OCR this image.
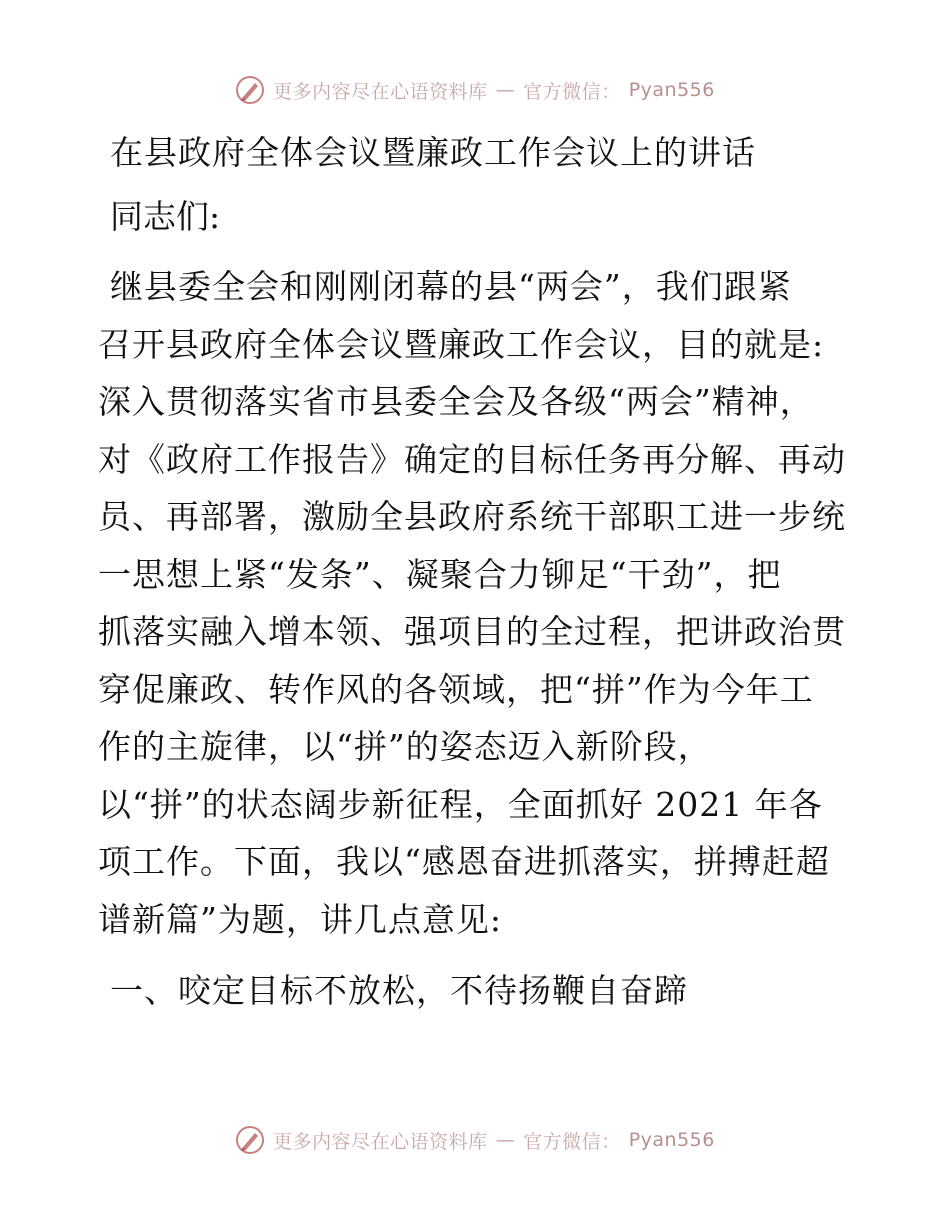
更多内容尽在心语资料库 — 官方微信： Pyan556
在县政府全体会议暨廉政工作会议上的讲话
同志们:
继县委全会和刚刚闭幕的县“两会”，我们跟紧
召开县政府全体会议暨廉政工作会议，目的就是:
深入贯彻落实省市县委全会及各级“两会”精神，
对《政府工作报告》确定的目标任务再分解、再动
员、再部署，激励全县政府系统干部职工进一步统
一思想上紧“发条”、凝聚合力铆足“干劲”，把
抓落实融入增本领、强项目的全过程，把讲政治贯
穿促廉政、转作风的各领域，把“拼”作为今年工
作的主旋律，以“拼”的姿态迈入新阶段，
以“拼”的状态阔步新征程，全面抓好 2021 年各
项工作。下面，我以“感恩奋进抓落实，拼搏赶超
谱新篇”为题，讲几点意见:
一、咬定目标不放松，不待扬鞭自奋蹄
更多内容尽在心语资料库 — 官方微信： Pyan556
